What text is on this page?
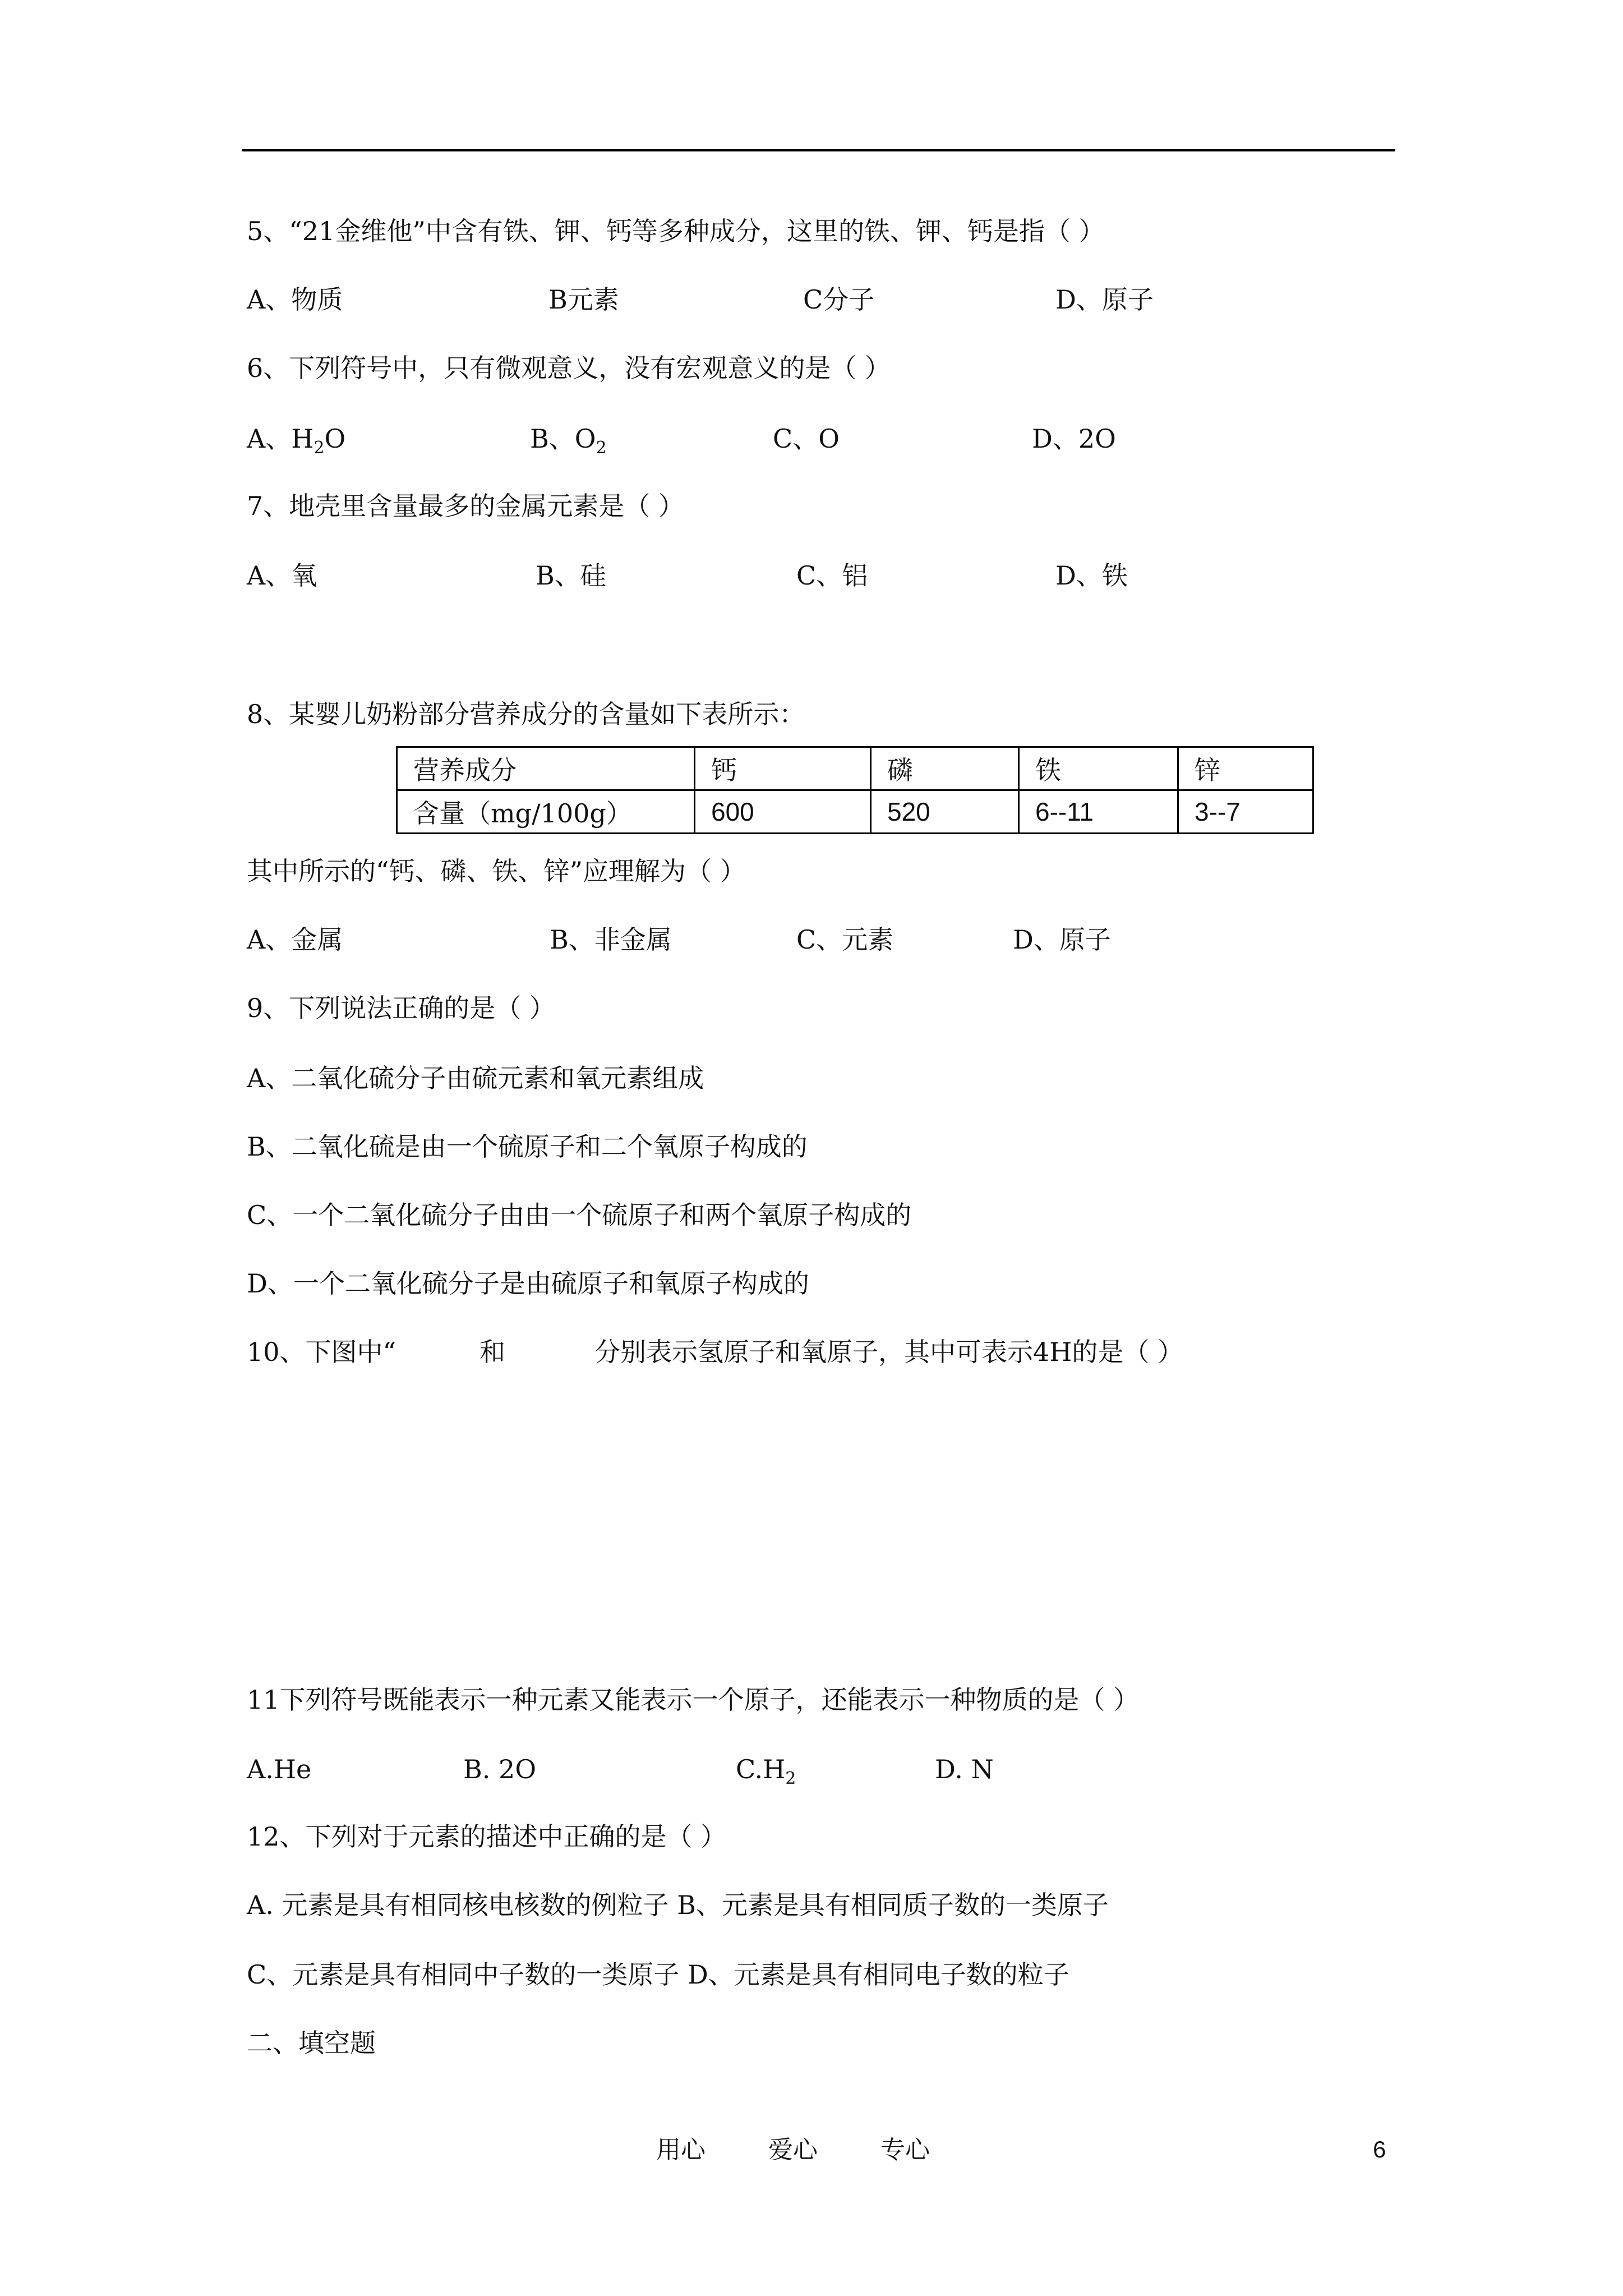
5、“21金维他”中含有铁、钾、钙等多种成分，这里的铁、钾、钙是指（ ）
A、物质	B元素	C分子	D、原子
6、下列符号中，只有微观意义，没有宏观意义的是（ ）
A、$H_2O$	B、$O_2$	C、O	D、2O
7、地壳里含量最多的金属元素是（ ）
A、氧	B、硅	C、铝	D、铁
8、某婴儿奶粉部分营养成分的含量如下表所示：
营养成分	钙	磷	铁	锌
含量（mg/100g）	600	520	6--11	3--7
其中所示的“钙、磷、铁、锌”应理解为（ ）
A、金属	B、非金属	C、元素	D、原子
9、下列说法正确的是（ ）
A、二氧化硫分子由硫元素和氧元素组成
B、二氧化硫是由一个硫原子和二个氧原子构成的
C、一个二氧化硫分子由由一个硫原子和两个氧原子构成的
D、一个二氧化硫分子是由硫原子和氧原子构成的
10、下图中“	和	分别表示氢原子和氧原子，其中可表示4H的是（ ）
11下列符号既能表示一种元素又能表示一个原子，还能表示一种物质的是（ ）
A.He	B. 2O	$C.H_2$	D. N
12、下列对于元素的描述中正确的是（ ）
A. 元素是具有相同核电核数的例粒子 B、元素是具有相同质子数的一类原子
C、元素是具有相同中子数的一类原子 D、元素是具有相同电子数的粒子
二、填空题
用心	爱心	专心	6
